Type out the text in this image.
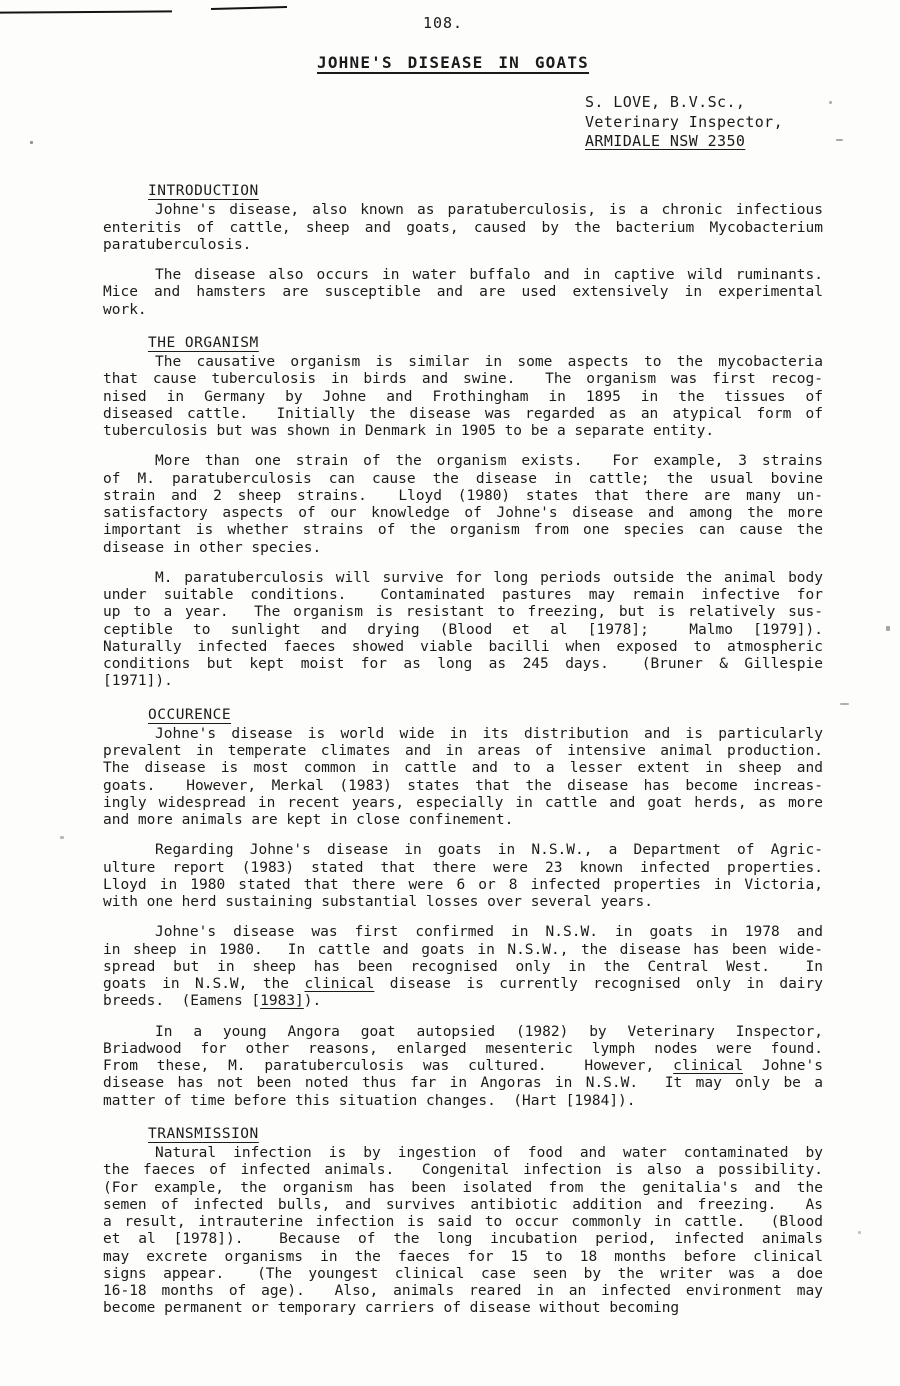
108.
JOHNE'S DISEASE IN GOATS
S. LOVE, B.V.Sc.,
Veterinary Inspector,
ARMIDALE NSW 2350
INTRODUCTION
Johne's disease, also known as paratuberculosis, is a chronic infectious
enteritis of cattle, sheep and goats, caused by the bacterium Mycobacterium
paratuberculosis.
The disease also occurs in water buffalo and in captive wild ruminants.
Mice and hamsters are susceptible and are used extensively in experimental
work.
THE ORGANISM
The causative organism is similar in some aspects to the mycobacteria
that cause tuberculosis in birds and swine.  The organism was first recog-
nised in Germany by Johne and Frothingham in 1895 in the tissues of
diseased cattle.  Initially the disease was regarded as an atypical form of
tuberculosis but was shown in Denmark in 1905 to be a separate entity.
More than one strain of the organism exists.  For example, 3 strains
of M. paratuberculosis can cause the disease in cattle; the usual bovine
strain and 2 sheep strains.  Lloyd (1980) states that there are many un-
satisfactory aspects of our knowledge of Johne's disease and among the more
important is whether strains of the organism from one species can cause the
disease in other species.
M. paratuberculosis will survive for long periods outside the animal body
under suitable conditions.  Contaminated pastures may remain infective for
up to a year.  The organism is resistant to freezing, but is relatively sus-
ceptible to sunlight and drying (Blood et al [1978];  Malmo [1979]).
Naturally infected faeces showed viable bacilli when exposed to atmospheric
conditions but kept moist for as long as 245 days.  (Bruner & Gillespie
[1971]).
OCCURENCE
Johne's disease is world wide in its distribution and is particularly
prevalent in temperate climates and in areas of intensive animal production.
The disease is most common in cattle and to a lesser extent in sheep and
goats.  However, Merkal (1983) states that the disease has become increas-
ingly widespread in recent years, especially in cattle and goat herds, as more
and more animals are kept in close confinement.
Regarding Johne's disease in goats in N.S.W., a Department of Agric-
ulture report (1983) stated that there were 23 known infected properties.
Lloyd in 1980 stated that there were 6 or 8 infected properties in Victoria,
with one herd sustaining substantial losses over several years.
Johne's disease was first confirmed in N.S.W. in goats in 1978 and
in sheep in 1980.  In cattle and goats in N.S.W., the disease has been wide-
spread but in sheep has been recognised only in the Central West.  In
goats in N.S.W, the clinical disease is currently recognised only in dairy
breeds.  (Eamens [1983]).
In a young Angora goat autopsied (1982) by Veterinary Inspector,
Briadwood for other reasons, enlarged mesenteric lymph nodes were found.
From these, M. paratuberculosis was cultured.  However, clinical Johne's
disease has not been noted thus far in Angoras in N.S.W.  It may only be a
matter of time before this situation changes.  (Hart [1984]).
TRANSMISSION
Natural infection is by ingestion of food and water contaminated by
the faeces of infected animals.  Congenital infection is also a possibility.
(For example, the organism has been isolated from the genitalia's and the
semen of infected bulls, and survives antibiotic addition and freezing.  As
a result, intrauterine infection is said to occur commonly in cattle.  (Blood
et al [1978]).  Because of the long incubation period, infected animals
may excrete organisms in the faeces for 15 to 18 months before clinical
signs appear.  (The youngest clinical case seen by the writer was a doe
16-18 months of age).  Also, animals reared in an infected environment may
become permanent or temporary carriers of disease without becoming
